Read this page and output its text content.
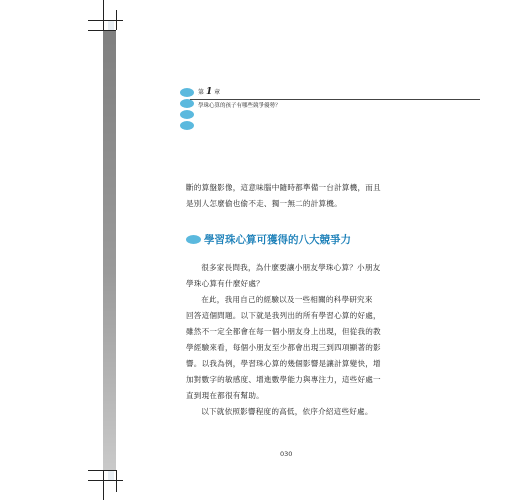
第 1 章
學珠心算的孩子有哪些競爭優勢？

斷的算盤影像，這意味腦中隨時都準備一台計算機，而且

是別人怎麼偷也偷不走、獨一無二的計算機。

學習珠心算可獲得的八大競爭力

很多家長問我，為什麼要讓小朋友學珠心算？小朋友

學珠心算有什麼好處？

在此，我用自己的經驗以及一些相關的科學研究來

回答這個問題。以下就是我列出的所有學習心算的好處，

雖然不一定全都會在每一個小朋友身上出現，但從我的教

學經驗來看，每個小朋友至少都會出現三到四項顯著的影

響。以我為例，學習珠心算的幾個影響是讓計算變快，增

加對數字的敏感度、增進數學能力與專注力，這些好處一

直到現在都很有幫助。

以下就依照影響程度的高低，依序介紹這些好處。

030
